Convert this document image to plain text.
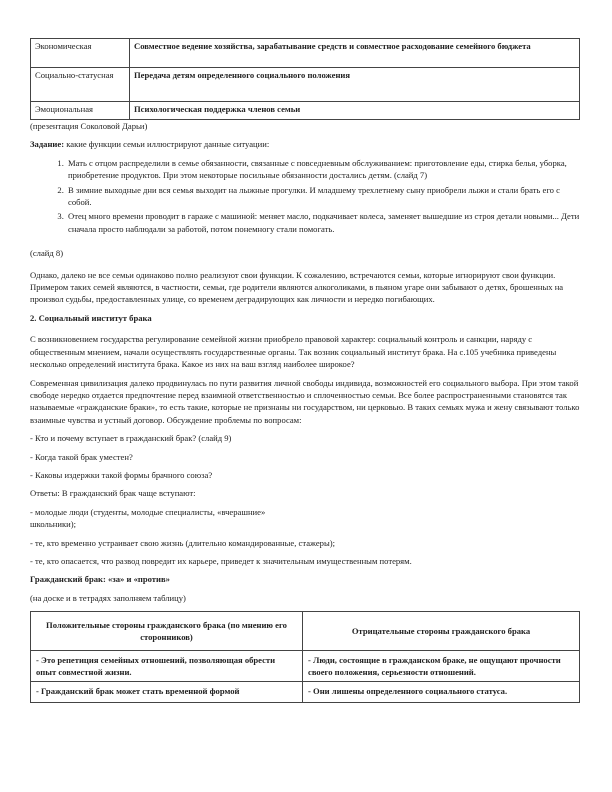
Экономическая	Совместное ведение хозяйства, зарабатывание средств и совместное расходование семейного бюджета
Социально-статусная	Передача детям определенного социального положения
Эмоциональная	Психологическая поддержка членов семьи

(презентация Соколовой Дарьи)

Задание: какие функции семьи иллюстрируют данные ситуации:

1. Мать с отцом распределили в семье обязанности, связанные с повседневным обслуживанием: приготовление еды, стирка белья, уборка, приобретение продуктов. При этом некоторые посильные обязанности достались детям. (слайд 7)
2. В зимние выходные дни вся семья выходит на лыжные прогулки. И младшему трехлетнему сыну приобрели лыжи и стали брать его с собой.
3. Отец много времени проводит в гараже с машиной: меняет масло, подкачивает колеса, заменяет вышедшие из строя детали новыми... Дети сначала просто наблюдали за работой, потом понемногу стали помогать.

(слайд 8)

Однако, далеко не все семьи одинаково полно реализуют свои функции. К сожалению, встречаются семьи, которые игнорируют свои функции. Примером таких семей являются, в частности, семьи, где родители являются алкоголиками, в пьяном угаре они забывают о детях, брошенных на произвол судьбы, предоставленных улице, со временем деградирующих как личности и нередко погибающих.

2. Социальный институт брака

С возникновением государства регулирование семейной жизни приобрело правовой характер: социальный контроль и санкции, наряду с общественным мнением, начали осуществлять государственные органы. Так возник социальный институт брака. На с.105 учебника приведены несколько определений института брака. Какое из них на ваш взгляд наиболее широкое?

Современная цивилизация далеко продвинулась по пути развития личной свободы индивида, возможностей его социального выбора. При этом такой свободе нередко отдается предпочтение перед взаимной ответственностью и сплоченностью семьи. Все более распространенными становятся так называемые «гражданские браки», то есть такие, которые не признаны ни государством, ни церковью. В таких семьях мужа и жену связывают только взаимные чувства и устный договор. Обсуждение проблемы по вопросам:

- Кто и почему вступает в гражданский брак? (слайд 9)

- Когда такой брак уместен?

- Каковы издержки такой формы брачного союза?

Ответы: В гражданский брак чаще вступают:

- молодые люди (студенты, молодые специалисты, «вчерашние» школьники);

- те, кто временно устраивает свою жизнь (длительно командированные, стажеры);

- те, кто опасается, что развод повредит их карьере, приведет к значительным имущественным потерям.

Гражданский брак: «за» и «против»

(на доске и в тетрадях заполняем таблицу)

Положительные стороны гражданского брака (по мнению его сторонников)	Отрицательные стороны гражданского брака
- Это репетиция семейных отношений, позволяющая обрести опыт совместной жизни.	- Люди, состоящие в гражданском браке, не ощущают прочности своего положения, серьезности отношений.
- Гражданский брак может стать временной формой	- Они лишены определенного социального статуса.
